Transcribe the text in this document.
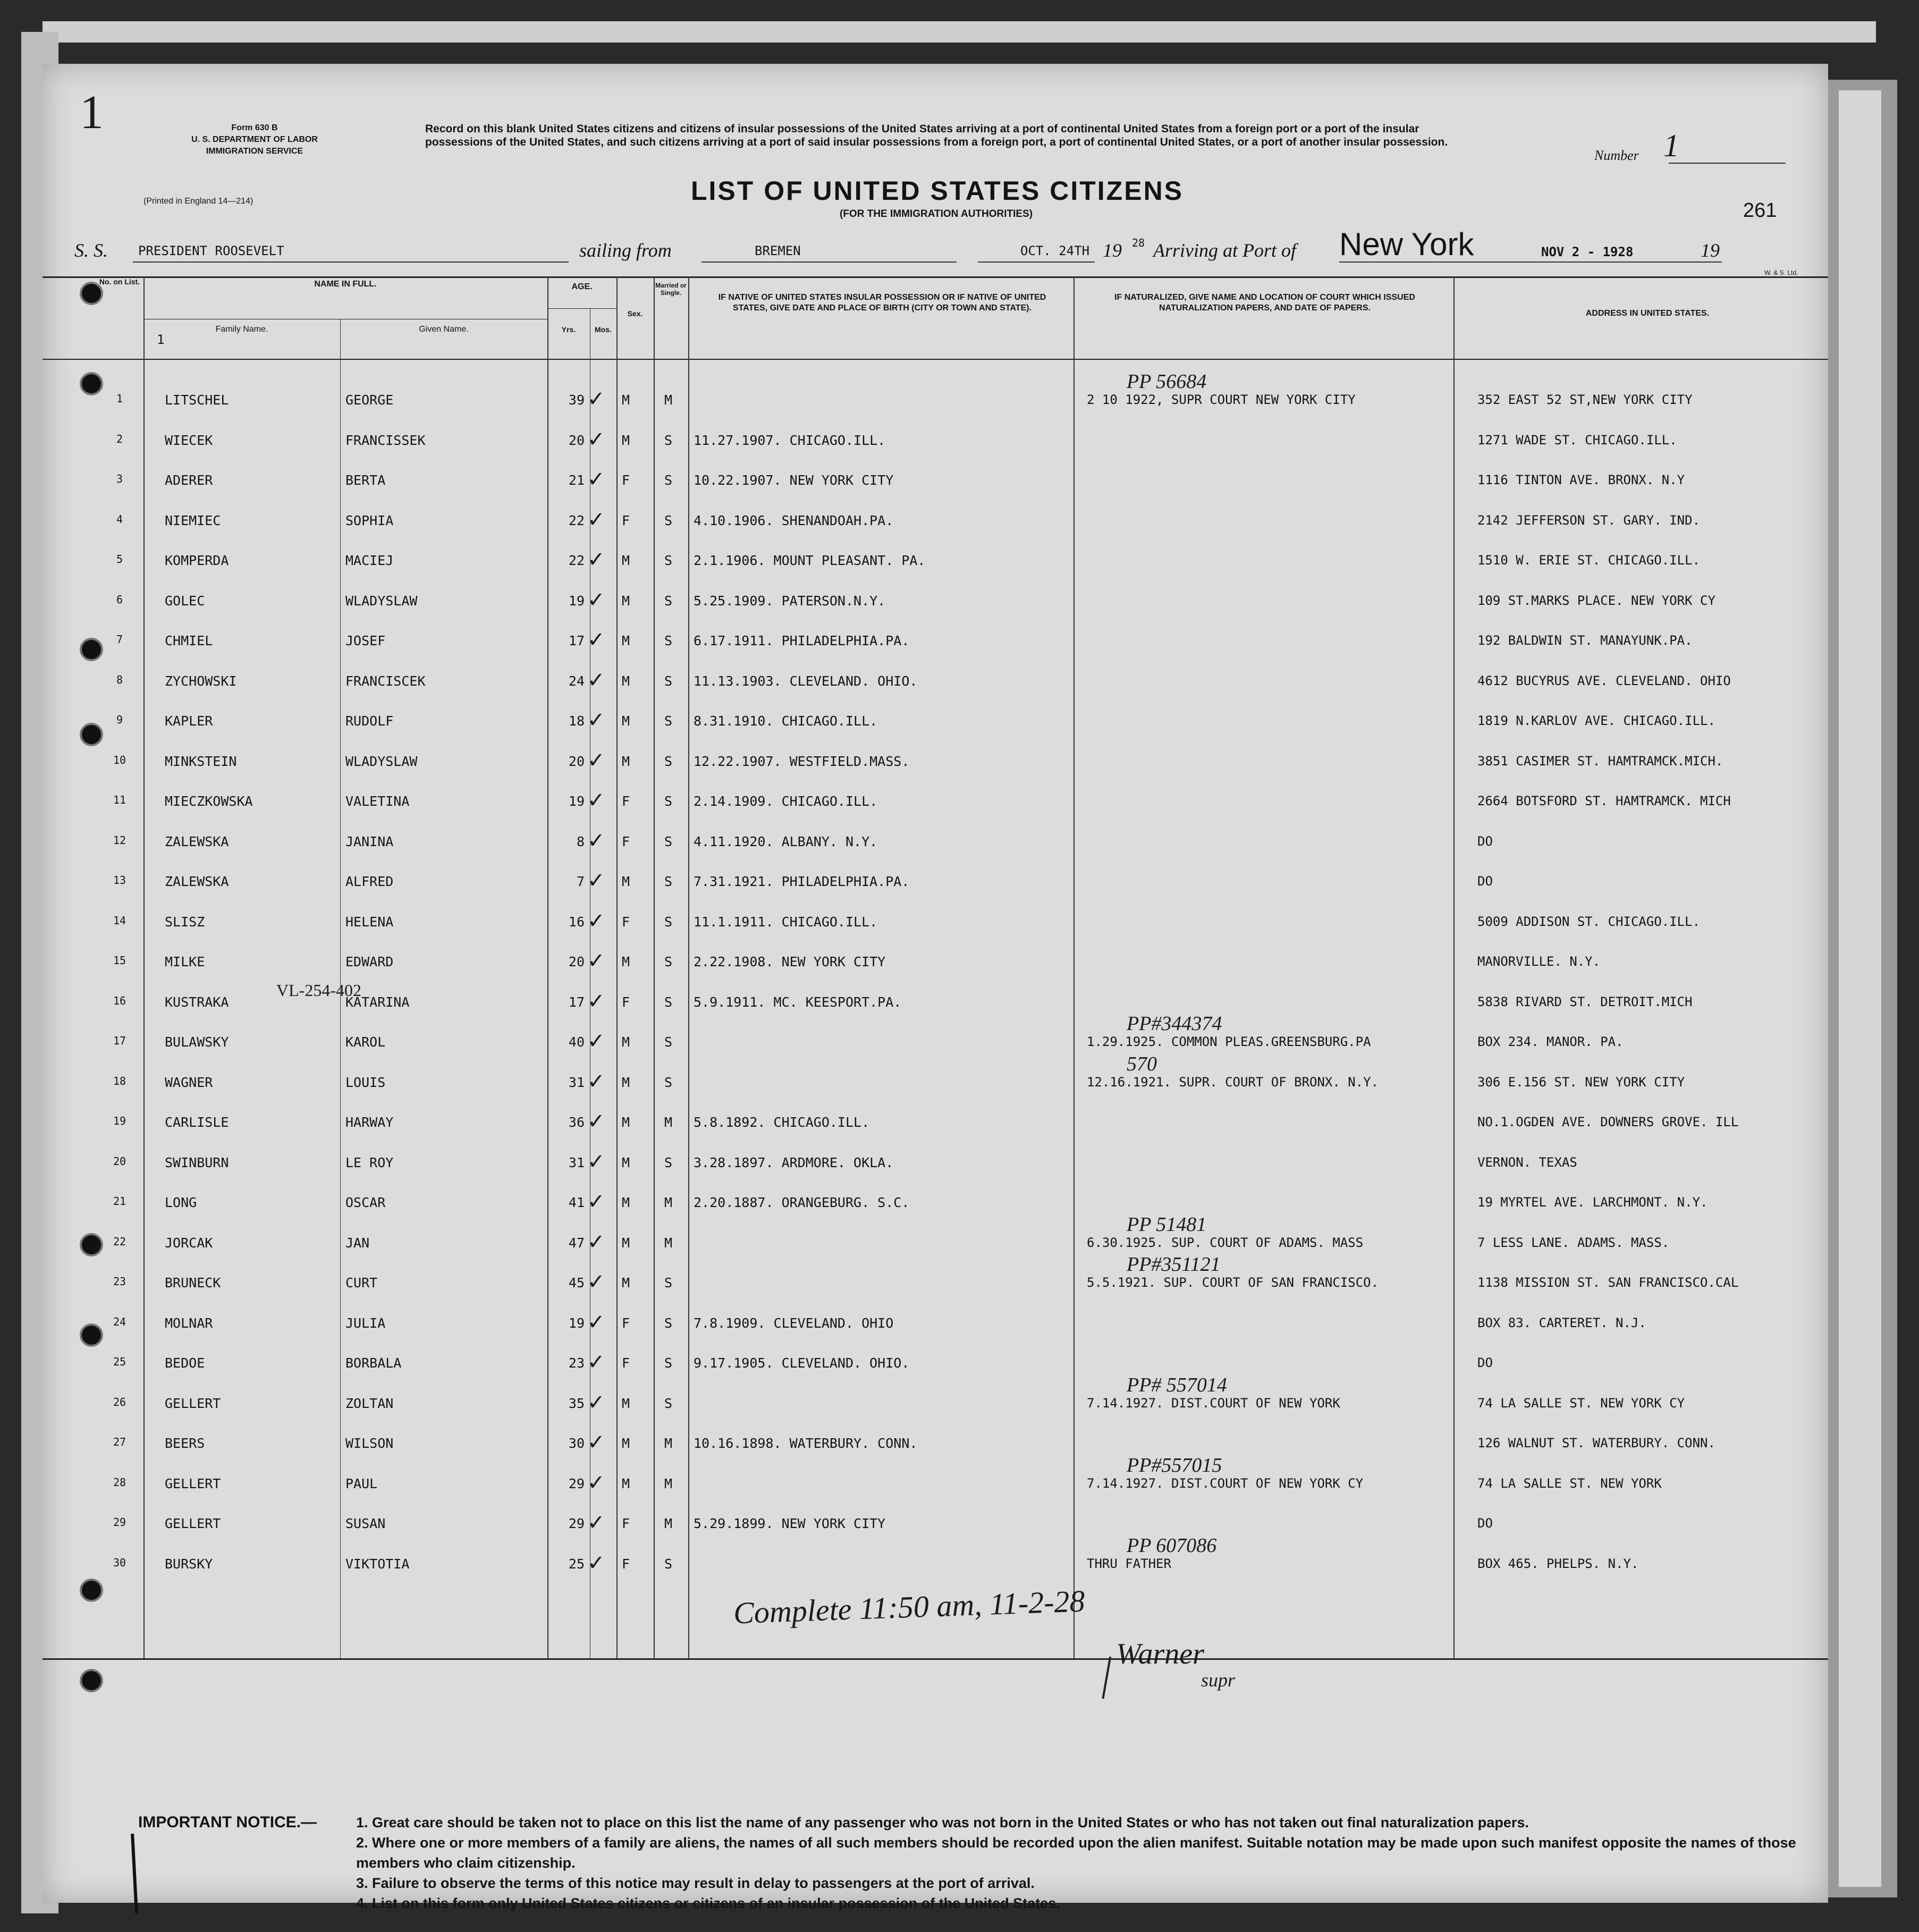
1	Form 630 B
U. S. DEPARTMENT OF LABOR
IMMIGRATION SERVICE
(Printed in England 14—214)
Record on this blank United States citizens and citizens of insular possessions of the United States arriving at a port of continental United States from a foreign port or a port of the insular possessions of the United States, and such citizens arriving at a port of said insular possessions from a foreign port, a port of continental United States, or a port of another insular possession.
Number 1
261
LIST OF UNITED STATES CITIZENS
(FOR THE IMMIGRATION AUTHORITIES)
S. S. PRESIDENT ROOSEVELT	sailing from	BREMEN	OCT. 24TH 19 28 Arriving at Port of New York	NOV 2 - 1928	19
W. & S. Ltd.
No. on List.	NAME IN FULL.
Family Name.
1
Given Name.
AGE.
Yrs.	Mos.
Sex.
Married or Single.	IF NATIVE OF UNITED STATES INSULAR POSSESSION OR IF NATIVE OF UNITED STATES, GIVE DATE AND PLACE OF BIRTH (CITY OR TOWN AND STATE).
IF NATURALIZED, GIVE NAME AND LOCATION OF COURT WHICH ISSUED NATURALIZATION PAPERS, AND DATE OF PAPERS.
ADDRESS IN UNITED STATES.
1	LITSCHEL	GEORGE	39	M	M	2 10 1922, SUPR COURT NEW YORK CITY	352 EAST 52 ST,NEW YORK CITY
✓
PP 56684
2	WIECEK	FRANCISSEK	20	M	S 11.27.1907. CHICAGO.ILL.	1271 WADE ST. CHICAGO.ILL.
✓
3	ADERER	BERTA	21	F	S 10.22.1907. NEW YORK CITY	1116 TINTON AVE. BRONX. N.Y
✓
4	NIEMIEC	SOPHIA	22	F	S 4.10.1906. SHENANDOAH.PA.	2142 JEFFERSON ST. GARY. IND.
✓
5	KOMPERDA	MACIEJ	22	M	S 2.1.1906. MOUNT PLEASANT. PA.	1510 W. ERIE ST. CHICAGO.ILL.
✓
6	GOLEC	WLADYSLAW	19	M	S 5.25.1909. PATERSON.N.Y.	109 ST.MARKS PLACE. NEW YORK CY
✓
7	CHMIEL	JOSEF	17	M	S 6.17.1911. PHILADELPHIA.PA.	192 BALDWIN ST. MANAYUNK.PA.
✓
8	ZYCHOWSKI	FRANCISCEK	24	M	S 11.13.1903. CLEVELAND. OHIO.	4612 BUCYRUS AVE. CLEVELAND. OHIO
✓
9	KAPLER	RUDOLF	18	M	S 8.31.1910. CHICAGO.ILL.	1819 N.KARLOV AVE. CHICAGO.ILL.
✓
10	MINKSTEIN	WLADYSLAW	20	M	S 12.22.1907. WESTFIELD.MASS.	3851 CASIMER ST. HAMTRAMCK.MICH.
✓
11	MIECZKOWSKA	VALETINA	19	F	S 2.14.1909. CHICAGO.ILL.	2664 BOTSFORD ST. HAMTRAMCK. MICH
✓
12	ZALEWSKA	JANINA	8	F	S 4.11.1920. ALBANY. N.Y.	DO
✓
13	ZALEWSKA	ALFRED	7	M	S 7.31.1921. PHILADELPHIA.PA.	DO
✓
14	SLISZ	HELENA	16	F	S 11.1.1911. CHICAGO.ILL.	5009 ADDISON ST. CHICAGO.ILL.
✓
15	MILKE	EDWARD	20	M	S 2.22.1908. NEW YORK CITY	MANORVILLE. N.Y.
✓
16	KUSTRAKA	KATARINA	17	F	S 5.9.1911. MC. KEESPORT.PA.	5838 RIVARD ST. DETROIT.MICH
✓
17	BULAWSKY	KAROL	40	M	S	1.29.1925. COMMON PLEAS.GREENSBURG.PA	BOX 234. MANOR. PA.
✓
PP#344374
18	WAGNER	LOUIS	31	M	S	12.16.1921. SUPR. COURT OF BRONX. N.Y.	306 E.156 ST. NEW YORK CITY
✓
570
19	CARLISLE	HARWAY	36	M	M 5.8.1892. CHICAGO.ILL.	NO.1.OGDEN AVE. DOWNERS GROVE. ILL
✓
20	SWINBURN	LE ROY	31	M	S 3.28.1897. ARDMORE. OKLA.	VERNON. TEXAS
✓
21	LONG	OSCAR	41	M	M 2.20.1887. ORANGEBURG. S.C.	19 MYRTEL AVE. LARCHMONT. N.Y.
✓
22	JORCAK	JAN	47	M	M	6.30.1925. SUP. COURT OF ADAMS. MASS	7 LESS LANE. ADAMS. MASS.
✓
PP 51481
23	BRUNECK	CURT	45	M	S	5.5.1921. SUP. COURT OF SAN FRANCISCO.	1138 MISSION ST. SAN FRANCISCO.CAL
✓
PP#351121
24	MOLNAR	JULIA	19	F	S 7.8.1909. CLEVELAND. OHIO	BOX 83. CARTERET. N.J.
✓
25	BEDOE	BORBALA	23	F	S 9.17.1905. CLEVELAND. OHIO.	DO
✓
26	GELLERT	ZOLTAN	35	M	S	7.14.1927. DIST.COURT OF NEW YORK	74 LA SALLE ST. NEW YORK CY
✓
PP# 557014
27	BEERS	WILSON	30	M	M 10.16.1898. WATERBURY. CONN.	126 WALNUT ST. WATERBURY. CONN.
✓
28	GELLERT	PAUL	29	M	M	7.14.1927. DIST.COURT OF NEW YORK CY	74 LA SALLE ST. NEW YORK
✓
PP#557015
29	GELLERT	SUSAN	29	F	M 5.29.1899. NEW YORK CITY	DO
✓
30	BURSKY	VIKTOTIA	25	F	S	THRU FATHER	BOX 465. PHELPS. N.Y.
✓
PP 607086
VL-254-402
Complete 11:50 am, 11-2-28
Warner
supr
IMPORTANT NOTICE.—	1. Great care should be taken not to place on this list the name of any passenger who was not born in the United States or who has not taken out final naturalization papers.
2. Where one or more members of a family are aliens, the names of all such members should be recorded upon the alien manifest. Suitable notation may be made upon such manifest opposite the names of those members who claim citizenship.
3. Failure to observe the terms of this notice may result in delay to passengers at the port of arrival.
4. List on this form only United States citizens or citizens of an insular possession of the United States.
